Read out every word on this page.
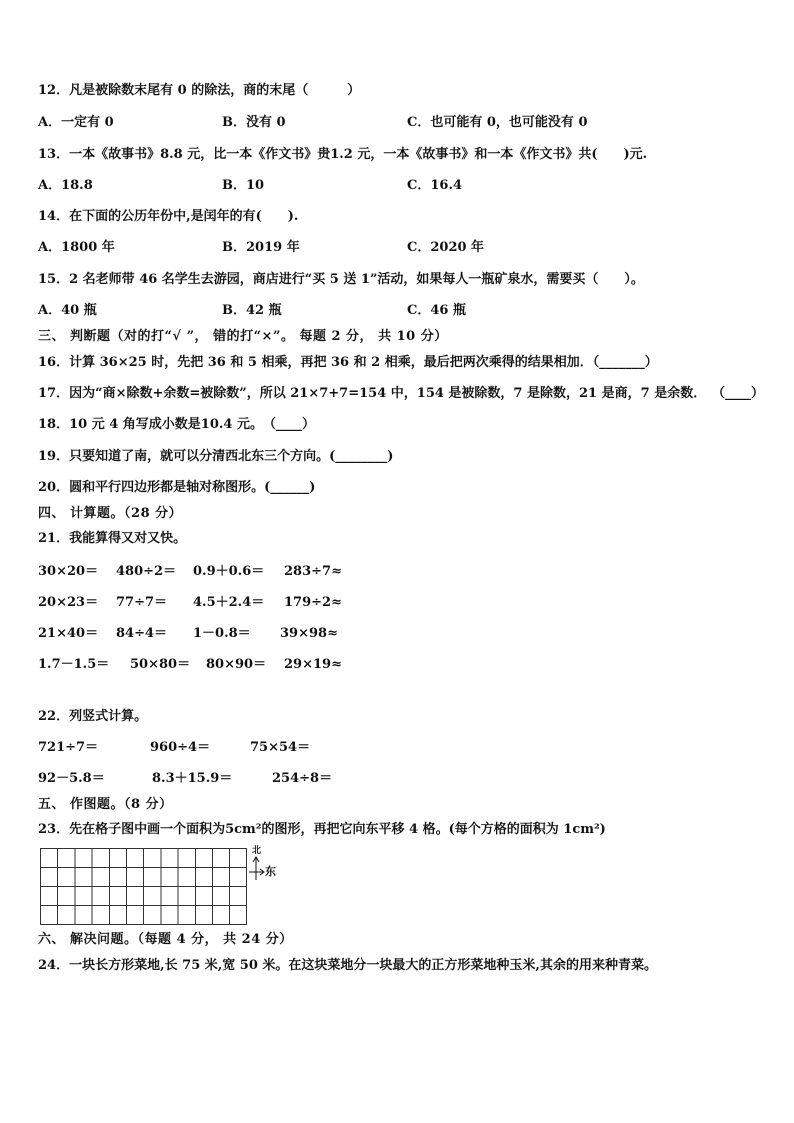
12．凡是被除数末尾有 0 的除法，商的末尾（　　　）
A．一定有 0	B．没有 0	C．也可能有 0，也可能没有 0
13．一本《故事书》8.8 元，比一本《作文书》贵1.2 元，一本《故事书》和一本《作文书》共(　　)元.
A．18.8	B．10	C．16.4
14．在下面的公历年份中,是闰年的有(　　).
A．1800 年	B．2019 年	C．2020 年
15．2 名老师带 46 名学生去游园，商店进行“买 5 送 1”活动，如果每人一瓶矿泉水，需要买（　　）。
A．40 瓶	B．42 瓶	C．46 瓶
三、 判断题（对的打“√ ”， 错的打“×”。 每题 2 分， 共 10 分）
16．计算 36×25 时，先把 36 和 5 相乘，再把 36 和 2 相乘，最后把两次乘得的结果相加．（_______）
17．因为“商×除数+余数=被除数”，所以 21×7+7=154 中，154 是被除数，7 是除数，21 是商，7 是余数． （____）
18．10 元 4 角写成小数是10.4 元。　（____）
19．只要知道了南，就可以分清西北东三个方向。(________)
20．圆和平行四边形都是轴对称图形。(______)
四、 计算题。（28 分）
21．我能算得又对又快。
30×20＝ 480÷2＝ 0.9＋0.6＝ 283÷7≈
20×23＝ 77÷7＝ 4.5＋2.4＝ 179÷2≈
21×40＝ 84÷4＝ 1－0.8＝ 39×98≈
1.7－1.5＝ 50×80＝ 80×90＝ 29×19≈
22．列竖式计算。
721÷7＝	960÷4＝	75×54＝
92－5.8＝	8.3＋15.9＝	254÷8＝
五、 作图题。（8 分）
23．先在格子图中画一个面积为5cm²的图形，再把它向东平移 4 格。(每个方格的面积为 1cm²)
北
东
六、 解决问题。（每题 4 分， 共 24 分）
24．一块长方形菜地,长 75 米,宽 50 米。在这块菜地分一块最大的正方形菜地种玉米,其余的用来种青菜。
